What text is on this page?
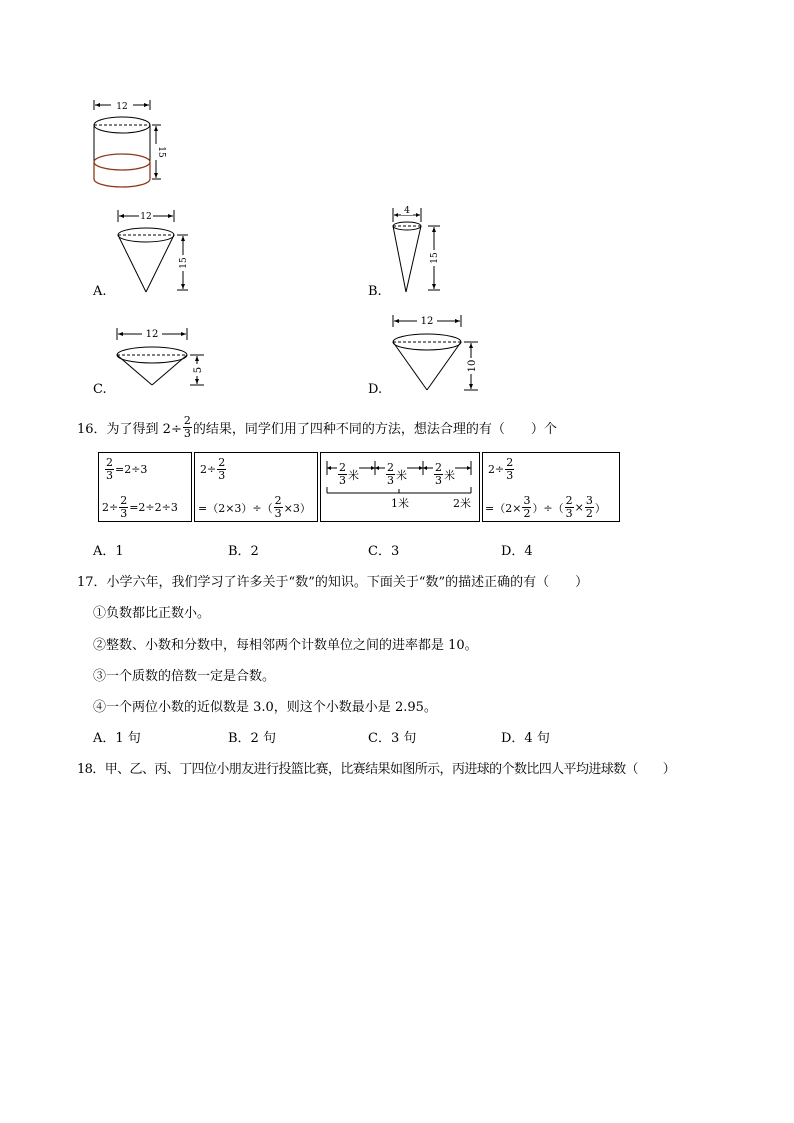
12
15
12
15
A.
4
15
B.
12
5
C.
12
10
D.
16．为了得到 $2\div \frac{2}{3}$ 的结果，同学们用了四种不同的方法，想法合理的有（　　）个
$\frac{2}{3} =2\div 3$
$2\div \frac{2}{3} =2\div 2\div 3$
$2\div \frac{2}{3}$
$=(2\times 3)\div( \frac{2}{3} \times 3)$
$\frac{2}{3}$ 米 $\frac{2}{3}$ 米 $\frac{2}{3}$ 米
1米	2米
$2\div \frac{2}{3}$
$=(2\times \frac{3}{2}$ ）÷（ $\frac{2}{3} \times \frac{3}{2}$ ）
A．1	B．2	C．3	D．4
17．小学六年，我们学习了许多关于“数”的知识。下面关于“数”的描述正确的有（　　）
①负数都比正数小。
②整数、小数和分数中，每相邻两个计数单位之间的进率都是 10。
③一个质数的倍数一定是合数。
④一个两位小数的近似数是 3.0，则这个小数最小是 2.95。
A．1 句	B．2 句	C．3 句	D．4 句
18．甲、乙、丙、丁四位小朋友进行投篮比赛，比赛结果如图所示，丙进球的个数比四人平均进球数（　　）
